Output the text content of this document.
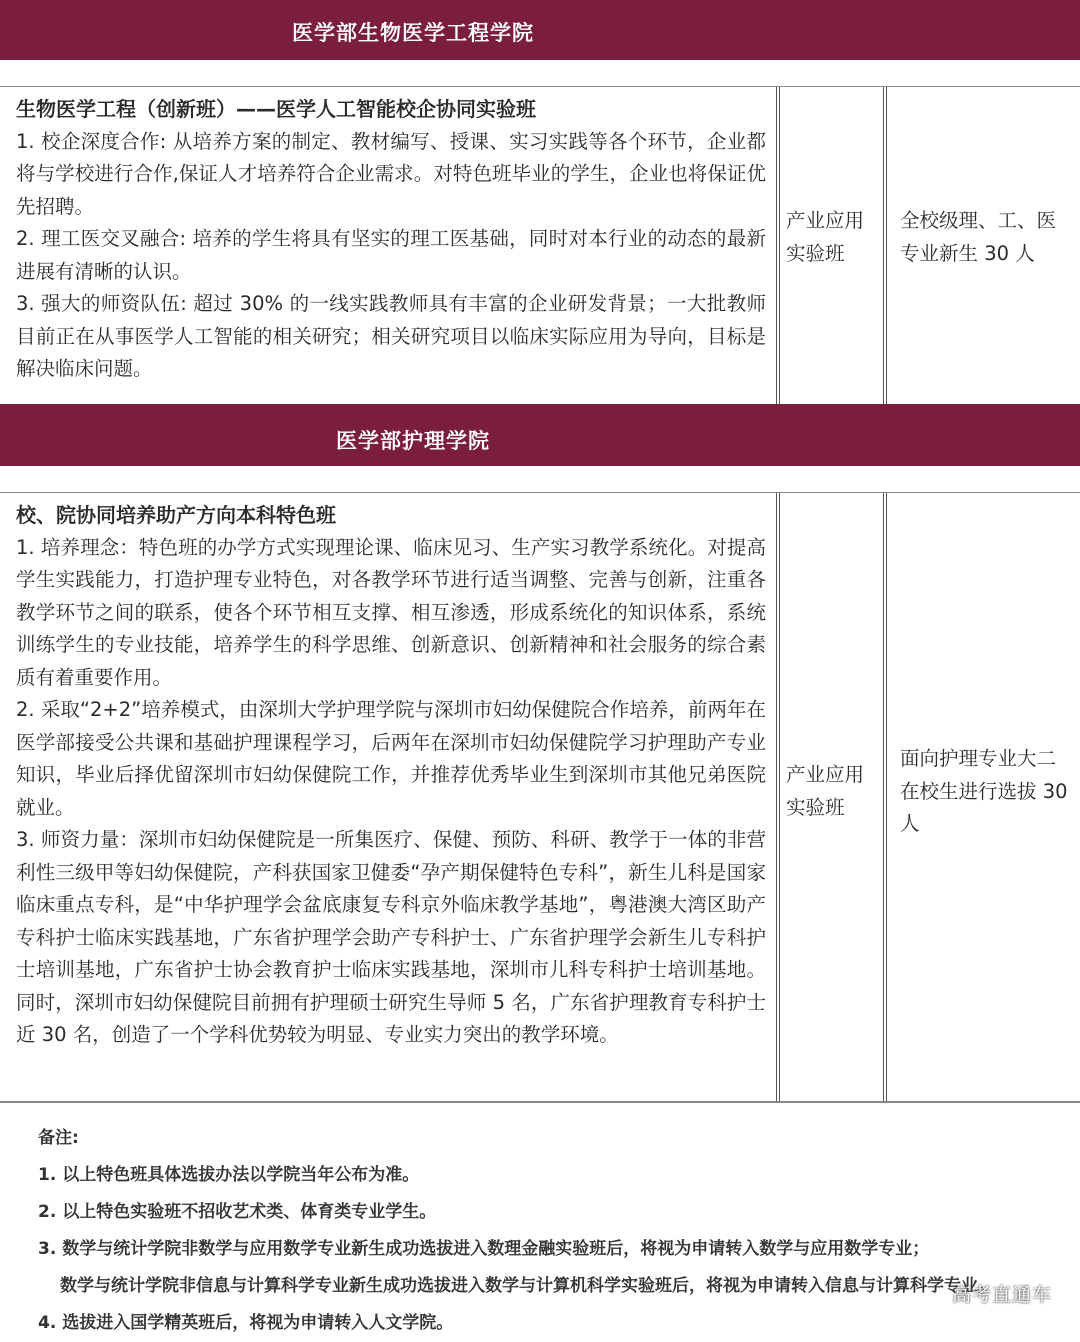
医学部生物医学工程学院

生物医学工程（创新班）——医学人工智能校企协同实验班

1. 校企深度合作: 从培养方案的制定、教材编写、授课、实习实践等各个环节，企业都将与学校进行合作,保证人才培养符合企业需求。对特色班毕业的学生，企业也将保证优先招聘。

2. 理工医交叉融合: 培养的学生将具有坚实的理工医基础，同时对本行业的动态的最新进展有清晰的认识。

3. 强大的师资队伍: 超过 30% 的一线实践教师具有丰富的企业研发背景；一大批教师目前正在从事医学人工智能的相关研究；相关研究项目以临床实际应用为导向，目标是解决临床问题。

产业应用实验班
全校级理、工、医专业新生 30 人
医学部护理学院

校、院协同培养助产方向本科特色班

1. 培养理念：特色班的办学方式实现理论课、临床见习、生产实习教学系统化。对提高学生实践能力，打造护理专业特色，对各教学环节进行适当调整、完善与创新，注重各教学环节之间的联系，使各个环节相互支撑、相互渗透，形成系统化的知识体系，系统训练学生的专业技能，培养学生的科学思维、创新意识、创新精神和社会服务的综合素质有着重要作用。

2. 采取“2+2”培养模式，由深圳大学护理学院与深圳市妇幼保健院合作培养，前两年在医学部接受公共课和基础护理课程学习，后两年在深圳市妇幼保健院学习护理助产专业知识，毕业后择优留深圳市妇幼保健院工作，并推荐优秀毕业生到深圳市其他兄弟医院就业。

3. 师资力量：深圳市妇幼保健院是一所集医疗、保健、预防、科研、教学于一体的非营利性三级甲等妇幼保健院，产科获国家卫健委“孕产期保健特色专科”，新生儿科是国家临床重点专科，是“中华护理学会盆底康复专科京外临床教学基地”，粤港澳大湾区助产专科护士临床实践基地，广东省护理学会助产专科护士、广东省护理学会新生儿专科护士培训基地，广东省护士协会教育护士临床实践基地，深圳市儿科专科护士培训基地。同时，深圳市妇幼保健院目前拥有护理硕士研究生导师 5 名，广东省护理教育专科护士近 30 名，创造了一个学科优势较为明显、专业实力突出的教学环境。

产业应用实验班
面向护理专业大二在校生进行选拔 30 人
备注:
1. 以上特色班具体选拔办法以学院当年公布为准。
2. 以上特色实验班不招收艺术类、体育类专业学生。
3. 数学与统计学院非数学与应用数学专业新生成功选拔进入数理金融实验班后，将视为申请转入数学与应用数学专业；
数学与统计学院非信息与计算科学专业新生成功选拔进入数学与计算机科学实验班后，将视为申请转入信息与计算科学专业。
4. 选拔进入国学精英班后，将视为申请转入人文学院。
高考直通车
